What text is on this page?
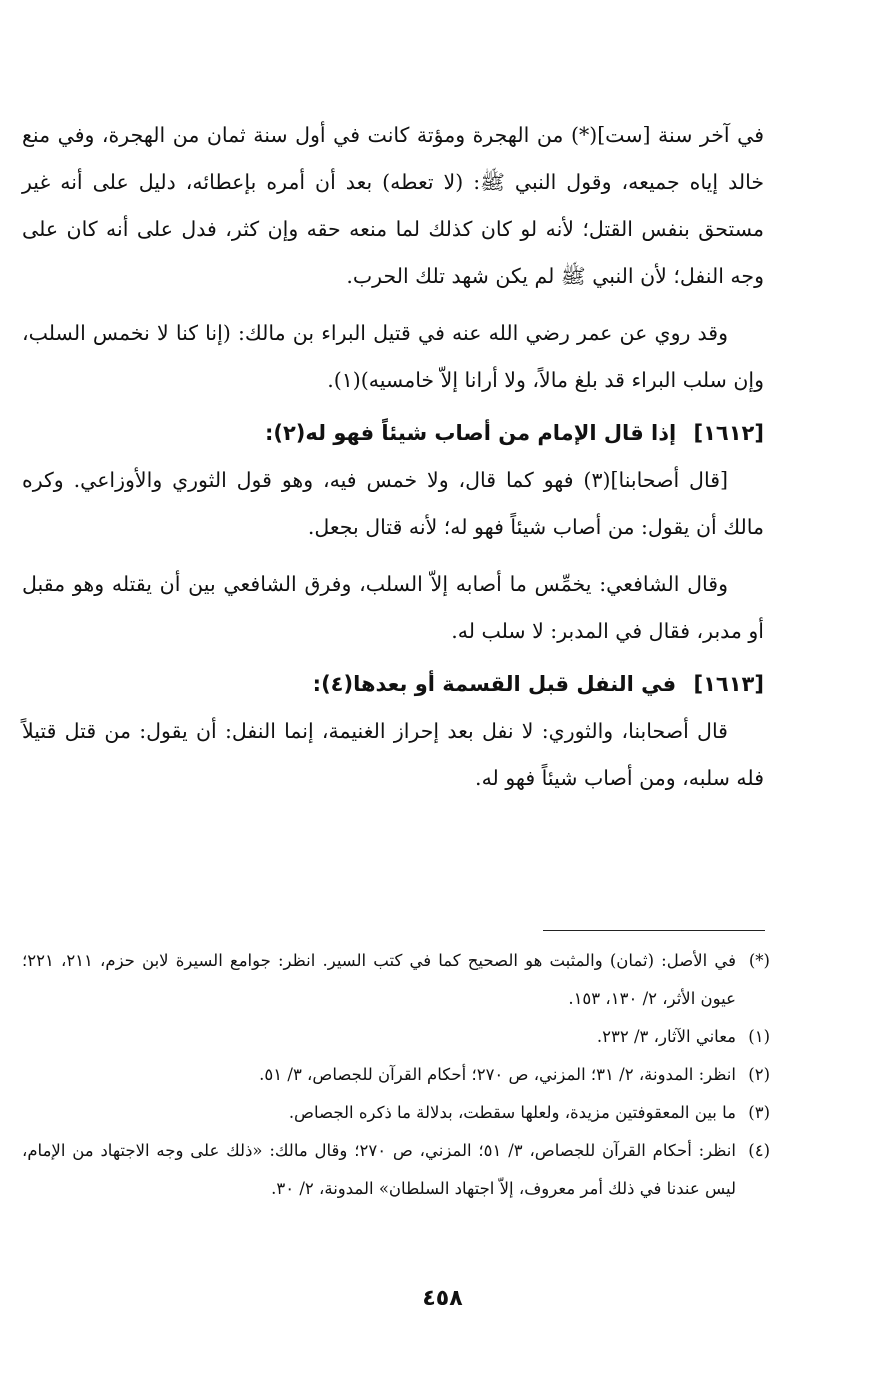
في آخر سنة [ست](*) من الهجرة ومؤتة كانت في أول سنة ثمان من الهجرة، وفي منع خالد إياه جميعه، وقول النبي ﷺ: (لا تعطه) بعد أن أمره بإعطائه، دليل على أنه غير مستحق بنفس القتل؛ لأنه لو كان كذلك لما منعه حقه وإن كثر، فدل على أنه كان على وجه النفل؛ لأن النبي ﷺ لم يكن شهد تلك الحرب.

وقد روي عن عمر رضي الله عنه في قتيل البراء بن مالك: (إنا كنا لا نخمس السلب، وإن سلب البراء قد بلغ مالاً، ولا أرانا إلاّ خامسيه)(١).

[١٦١٢] إذا قال الإمام من أصاب شيئاً فهو له(٢):

[قال أصحابنا](٣) فهو كما قال، ولا خمس فيه، وهو قول الثوري والأوزاعي. وكره مالك أن يقول: من أصاب شيئاً فهو له؛ لأنه قتال بجعل.

وقال الشافعي: يخمِّس ما أصابه إلاّ السلب، وفرق الشافعي بين أن يقتله وهو مقبل أو مدبر، فقال في المدبر: لا سلب له.

[١٦١٣] في النفل قبل القسمة أو بعدها(٤):

قال أصحابنا، والثوري: لا نفل بعد إحراز الغنيمة، إنما النفل: أن يقول: من قتل قتيلاً فله سلبه، ومن أصاب شيئاً فهو له.

(*)
في الأصل: (ثمان) والمثبت هو الصحيح كما في كتب السير. انظر: جوامع السيرة لابن حزم، ٢١١، ٢٢١؛ عيون الأثر، ٢/ ١٣٠، ١٥٣.
(١)
معاني الآثار، ٣/ ٢٣٢.
(٢)
انظر: المدونة، ٢/ ٣١؛ المزني، ص ٢٧٠؛ أحكام القرآن للجصاص، ٣/ ٥١.
(٣)
ما بين المعقوفتين مزيدة، ولعلها سقطت، بدلالة ما ذكره الجصاص.
(٤)
انظر: أحكام القرآن للجصاص، ٣/ ٥١؛ المزني، ص ٢٧٠؛ وقال مالك: «ذلك على وجه الاجتهاد من الإمام، ليس عندنا في ذلك أمر معروف، إلاّ اجتهاد السلطان» المدونة، ٢/ ٣٠.
٤٥٨
